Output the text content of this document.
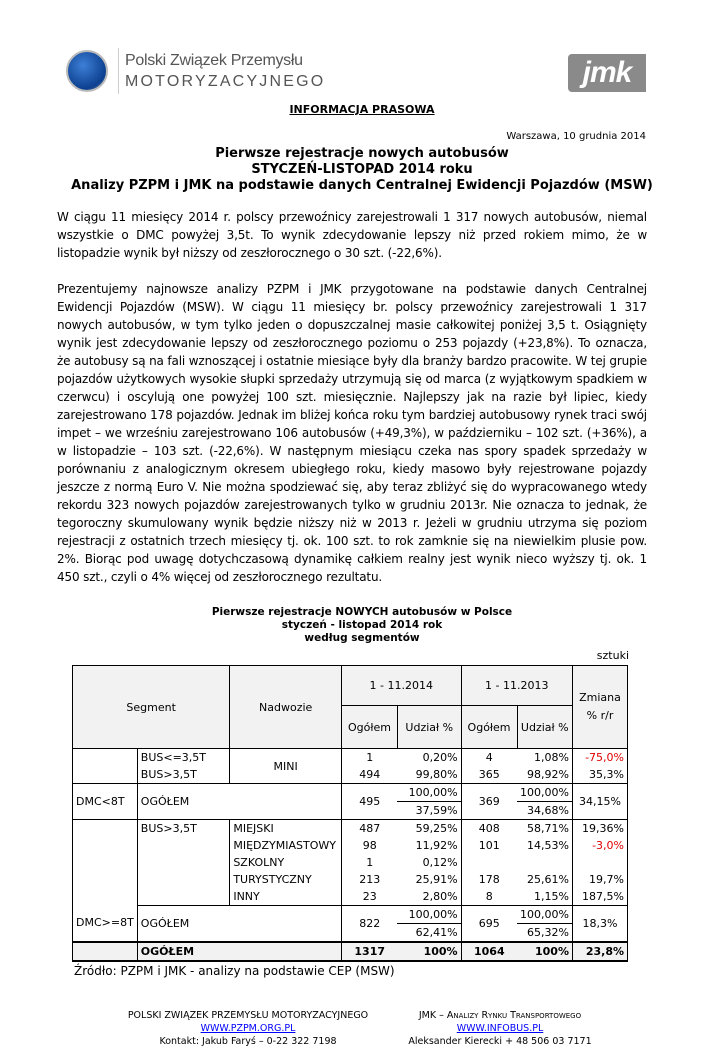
Polski Związek Przemysłu
MOTORYZACYJNEGO	jmk
INFORMACJA PRASOWA
Warszawa, 10 grudnia 2014
Pierwsze rejestracje nowych autobusów
STYCZEŃ-LISTOPAD 2014 roku
Analizy PZPM i JMK na podstawie danych Centralnej Ewidencji Pojazdów (MSW)
W ciągu 11 miesięcy 2014 r. polscy przewoźnicy zarejestrowali 1 317 nowych autobusów, niemal wszystkie o DMC powyżej 3,5t. To wynik zdecydowanie lepszy niż przed rokiem mimo, że w listopadzie wynik był niższy od zeszłorocznego o 30 szt. (-22,6%).
Prezentujemy najnowsze analizy PZPM i JMK przygotowane na podstawie danych Centralnej Ewidencji Pojazdów (MSW). W ciągu 11 miesięcy br. polscy przewoźnicy zarejestrowali 1 317 nowych autobusów, w tym tylko jeden o dopuszczalnej masie całkowitej poniżej 3,5 t. Osiągnięty wynik jest zdecydowanie lepszy od zeszłorocznego poziomu o 253 pojazdy (+23,8%). To oznacza, że autobusy są na fali wznoszącej i ostatnie miesiące były dla branży bardzo pracowite. W tej grupie pojazdów użytkowych wysokie słupki sprzedaży utrzymują się od marca (z wyjątkowym spadkiem w czerwcu) i oscylują one powyżej 100 szt. miesięcznie. Najlepszy jak na razie był lipiec, kiedy zarejestrowano 178 pojazdów. Jednak im bliżej końca roku tym bardziej autobusowy rynek traci swój impet – we wrześniu zarejestrowano 106 autobusów (+49,3%), w październiku – 102 szt. (+36%), a w listopadzie – 103 szt. (-22,6%). W następnym miesiącu czeka nas spory spadek sprzedaży w porównaniu z analogicznym okresem ubiegłego roku, kiedy masowo były rejestrowane pojazdy jeszcze z normą Euro V. Nie można spodziewać się, aby teraz zbliżyć się do wypracowanego wtedy rekordu 323 nowych pojazdów zarejestrowanych tylko w grudniu 2013r. Nie oznacza to jednak, że tegoroczny skumulowany wynik będzie niższy niż w 2013 r. Jeżeli w grudniu utrzyma się poziom rejestracji z ostatnich trzech miesięcy tj. ok. 100 szt. to rok zamknie się na niewielkim plusie pow. 2%. Biorąc pod uwagę dotychczasową dynamikę całkiem realny jest wynik nieco wyższy tj. ok. 1 450 szt., czyli o 4% więcej od zeszłorocznego rezultatu.
Pierwsze rejestracje NOWYCH autobusów w Polsce
styczeń - listopad 2014 rok
według segmentów
sztuki
Segment		Nadwozie	1 - 11.2014		1 - 11.2013		Zmiana % r/r
			Ogółem	Udział %	Ogółem	Udział %	
	BUS<=3,5T	MINI	1	0,20%	4	1,08%	-75,0%
	BUS>3,5T		494	99,80%	365	98,92%	35,3%
DMC<8T	OGÓŁEM		495	100,00%	369	100,00%	34,15%
				37,59%		34,68%	
DMC>=8T	BUS>3,5T	MIEJSKI	487	59,25%	408	58,71%	19,36%
		MIĘDZYMIASTOWY	98	11,92%	101	14,53%	-3,0%
		SZKOLNY	1	0,12%			
		TURYSTYCZNY	213	25,91%	178	25,61%	19,7%
		INNY	23	2,80%	8	1,15%	187,5%
	OGÓŁEM		822	100,00%	695	100,00%	18,3%
				62,41%		65,32%	
	OGÓŁEM		1317	100%	1064	100%	23,8%
Źródło: PZPM i JMK - analizy na podstawie CEP (MSW)
POLSKI ZWIĄZEK PRZEMYSŁU MOTORYZACYJNEGO
WWW.PZPM.ORG.PL
Kontakt: Jakub Faryś – 0-22 322 7198
JMK – Analizy Rynku Transportowego
WWW.INFOBUS.PL
Aleksander Kierecki + 48 506 03 7171
